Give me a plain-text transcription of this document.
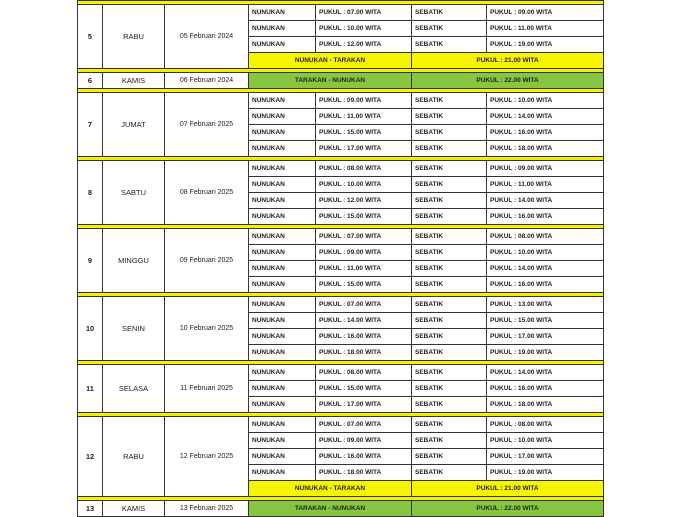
5	RABU	05 Februari 2024	NUNUKAN	PUKUL : 07.00 WITA	SEBATIK	PUKUL : 09.00 WITA
			NUNUKAN	PUKUL : 10.00 WITA	SEBATIK	PUKUL : 11.00 WITA
			NUNUKAN	PUKUL : 12.00 WITA	SEBATIK	PUKUL : 19.00 WITA
			NUNUKAN - TARAKAN		PUKUL : 21.00 WITA	

6	KAMIS	06 Februari 2024	TARAKAN - NUNUKAN		PUKUL : 22.00 WITA	

7	JUMAT	07 Februari 2025	NUNUKAN	PUKUL : 09.00 WITA	SEBATIK	PUKUL : 10.00 WITA
			NUNUKAN	PUKUL : 11.00 WITA	SEBATIK	PUKUL : 14.00 WITA
			NUNUKAN	PUKUL : 15.00 WITA	SEBATIK	PUKUL : 16.00 WITA
			NUNUKAN	PUKUL : 17.00 WITA	SEBATIK	PUKUL : 18.00 WITA

8	SABTU	08 Februari 2025	NUNUKAN	PUKUL : 08.00 WITA	SEBATIK	PUKUL : 09.00 WITA
			NUNUKAN	PUKUL : 10.00 WITA	SEBATIK	PUKUL : 11.00 WITA
			NUNUKAN	PUKUL : 12.00 WITA	SEBATIK	PUKUL : 14.00 WITA
			NUNUKAN	PUKUL : 15.00 WITA	SEBATIK	PUKUL : 16.00 WITA

9	MINGGU	09 Februari 2025	NUNUKAN	PUKUL : 07.00 WITA	SEBATIK	PUKUL : 08.00 WITA
			NUNUKAN	PUKUL : 09.00 WITA	SEBATIK	PUKUL : 10.00 WITA
			NUNUKAN	PUKUL : 11.00 WITA	SEBATIK	PUKUL : 14.00 WITA
			NUNUKAN	PUKUL : 15.00 WITA	SEBATIK	PUKUL : 16.00 WITA

10	SENIN	10 Februari 2025	NUNUKAN	PUKUL : 07.00 WITA	SEBATIK	PUKUL : 13.00 WITA
			NUNUKAN	PUKUL : 14.00 WITA	SEBATIK	PUKUL : 15.00 WITA
			NUNUKAN	PUKUL : 16.00 WITA	SEBATIK	PUKUL : 17.00 WITA
			NUNUKAN	PUKUL : 18.00 WITA	SEBATIK	PUKUL : 19.00 WITA

11	SELASA	11 Februari 2025	NUNUKAN	PUKUL : 08.00 WITA	SEBATIK	PUKUL : 14.00 WITA
			NUNUKAN	PUKUL : 15.00 WITA	SEBATIK	PUKUL : 16.00 WITA
			NUNUKAN	PUKUL : 17.00 WITA	SEBATIK	PUKUL : 18.00 WITA

12	RABU	12 Februari 2025	NUNUKAN	PUKUL : 07.00 WITA	SEBATIK	PUKUL : 08.00 WITA
			NUNUKAN	PUKUL : 09.00 WITA	SEBATIK	PUKUL : 10.00 WITA
			NUNUKAN	PUKUL : 16.00 WITA	SEBATIK	PUKUL : 17.00 WITA
			NUNUKAN	PUKUL : 18.00 WITA	SEBATIK	PUKUL : 19.00 WITA
			NUNUKAN - TARAKAN		PUKUL : 21.00 WITA	

13	KAMIS	13 Februari 2025	TARAKAN - NUNUKAN		PUKUL : 22.00 WITA	
